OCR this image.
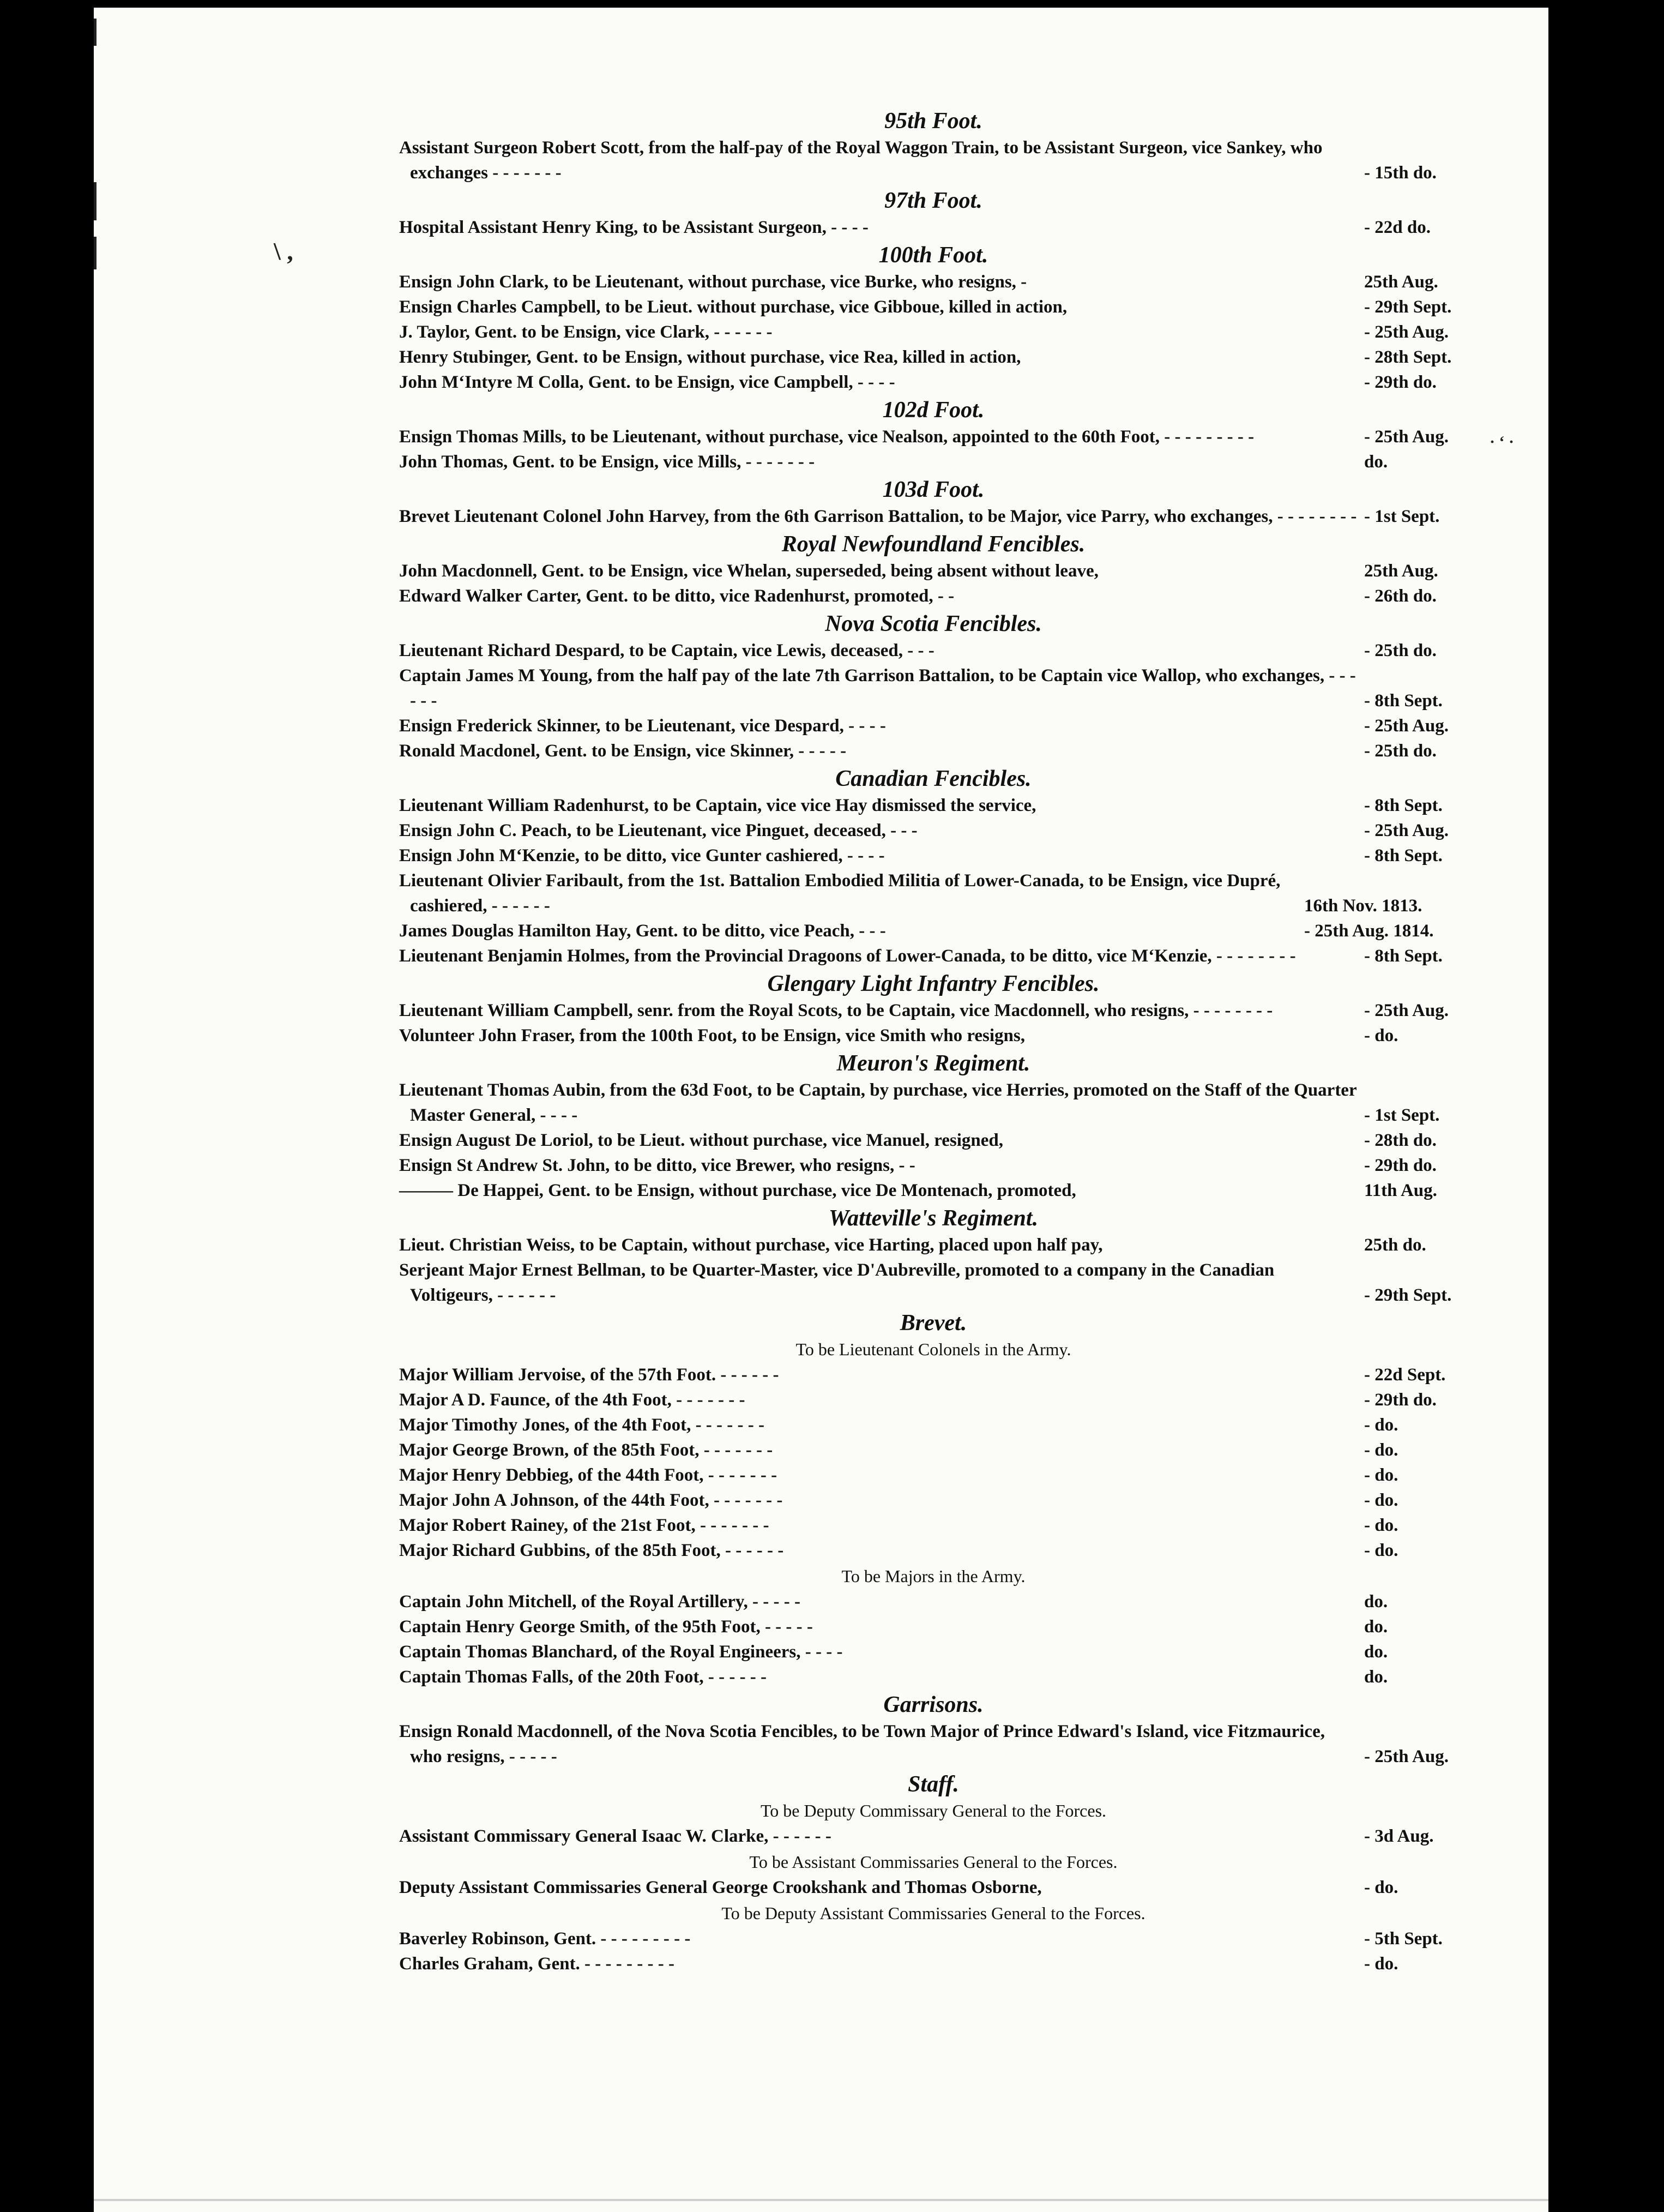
\ ,
· ‘ ·
95th Foot.
Assistant Surgeon Robert Scott, from the half-pay of the Royal Waggon Train, to be Assistant Surgeon, vice Sankey, who exchanges - - - - - - -	- 15th do.
97th Foot.
Hospital Assistant Henry King, to be Assistant Surgeon, - - - -	- 22d do.
100th Foot.
Ensign John Clark, to be Lieutenant, without purchase, vice Burke, who resigns, -	25th Aug.
Ensign Charles Campbell, to be Lieut. without purchase, vice Gibboue, killed in action,	- 29th Sept.
J. Taylor, Gent. to be Ensign, vice Clark, - - - - - -	- 25th Aug.
Henry Stubinger, Gent. to be Ensign, without purchase, vice Rea, killed in action,	- 28th Sept.
John M‘Intyre M Colla, Gent. to be Ensign, vice Campbell, - - - -	- 29th do.
102d Foot.
Ensign Thomas Mills, to be Lieutenant, without purchase, vice Nealson, appointed to the 60th Foot, - - - - - - - - -	- 25th Aug.
John Thomas, Gent. to be Ensign, vice Mills, - - - - - - -	do.
103d Foot.
Brevet Lieutenant Colonel John Harvey, from the 6th Garrison Battalion, to be Major, vice Parry, who exchanges, - - - - - - - - - 1st Sept.
Royal Newfoundland Fencibles.
John Macdonnell, Gent. to be Ensign, vice Whelan, superseded, being absent without leave,	25th Aug.
Edward Walker Carter, Gent. to be ditto, vice Radenhurst, promoted, - -	- 26th do.
Nova Scotia Fencibles.
Lieutenant Richard Despard, to be Captain, vice Lewis, deceased, - - -	- 25th do.
Captain James M Young, from the half pay of the late 7th Garrison Battalion, to be Captain vice Wallop, who exchanges, - - - - - -	- 8th Sept.
Ensign Frederick Skinner, to be Lieutenant, vice Despard, - - - -	- 25th Aug.
Ronald Macdonel, Gent. to be Ensign, vice Skinner, - - - - -	- 25th do.
Canadian Fencibles.
Lieutenant William Radenhurst, to be Captain, vice vice Hay dismissed the service,	- 8th Sept.
Ensign John C. Peach, to be Lieutenant, vice Pinguet, deceased, - - -	- 25th Aug.
Ensign John M‘Kenzie, to be ditto, vice Gunter cashiered, - - - -	- 8th Sept.
Lieutenant Olivier Faribault, from the 1st. Battalion Embodied Militia of Lower-Canada, to be Ensign, vice Dupré, cashiered, - - - - - -	16th Nov. 1813.
James Douglas Hamilton Hay, Gent. to be ditto, vice Peach, - - -	- 25th Aug. 1814.
Lieutenant Benjamin Holmes, from the Provincial Dragoons of Lower-Canada, to be ditto, vice M‘Kenzie, - - - - - - - -	- 8th Sept.
Glengary Light Infantry Fencibles.
Lieutenant William Campbell, senr. from the Royal Scots, to be Captain, vice Macdonnell, who resigns, - - - - - - - -	- 25th Aug.
Volunteer John Fraser, from the 100th Foot, to be Ensign, vice Smith who resigns,	- do.
Meuron's Regiment.
Lieutenant Thomas Aubin, from the 63d Foot, to be Captain, by purchase, vice Herries, promoted on the Staff of the Quarter Master General, - - - -	- 1st Sept.
Ensign August De Loriol, to be Lieut. without purchase, vice Manuel, resigned,	- 28th do.
Ensign St Andrew St. John, to be ditto, vice Brewer, who resigns, - -	- 29th do.
——— De Happei, Gent. to be Ensign, without purchase, vice De Montenach, promoted,	11th Aug.
Watteville's Regiment.
Lieut. Christian Weiss, to be Captain, without purchase, vice Harting, placed upon half pay,	25th do.
Serjeant Major Ernest Bellman, to be Quarter-Master, vice D'Aubreville, promoted to a company in the Canadian Voltigeurs, - - - - - -	- 29th Sept.
Brevet.
To be Lieutenant Colonels in the Army.
Major William Jervoise, of the 57th Foot. - - - - - -	- 22d Sept.
Major A D. Faunce, of the 4th Foot, - - - - - - -	- 29th do.
Major Timothy Jones, of the 4th Foot, - - - - - - -	- do.
Major George Brown, of the 85th Foot, - - - - - - -	- do.
Major Henry Debbieg, of the 44th Foot, - - - - - - -	- do.
Major John A Johnson, of the 44th Foot, - - - - - - -	- do.
Major Robert Rainey, of the 21st Foot, - - - - - - -	- do.
Major Richard Gubbins, of the 85th Foot, - - - - - -	- do.
To be Majors in the Army.
Captain John Mitchell, of the Royal Artillery, - - - - -	do.
Captain Henry George Smith, of the 95th Foot, - - - - -	do.
Captain Thomas Blanchard, of the Royal Engineers, - - - -	do.
Captain Thomas Falls, of the 20th Foot, - - - - - -	do.
Garrisons.
Ensign Ronald Macdonnell, of the Nova Scotia Fencibles, to be Town Major of Prince Edward's Island, vice Fitzmaurice, who resigns, - - - - -	- 25th Aug.
Staff.
To be Deputy Commissary General to the Forces.
Assistant Commissary General Isaac W. Clarke, - - - - - -	- 3d Aug.
To be Assistant Commissaries General to the Forces.
Deputy Assistant Commissaries General George Crookshank and Thomas Osborne,	- do.
To be Deputy Assistant Commissaries General to the Forces.
Baverley Robinson, Gent. - - - - - - - - -	- 5th Sept.
Charles Graham, Gent. - - - - - - - - -	- do.
